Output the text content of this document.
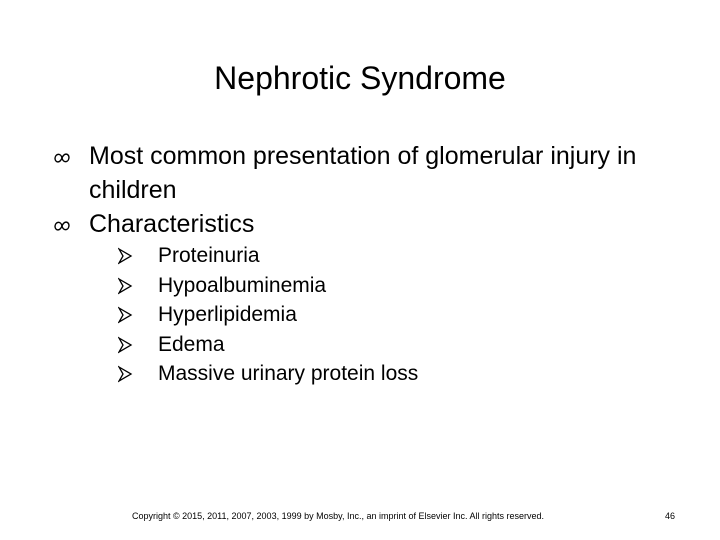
Nephrotic Syndrome
Most common presentation of glomerular injury in children
Characteristics
Proteinuria
Hypoalbuminemia
Hyperlipidemia
Edema
Massive urinary protein loss
Copyright © 2015, 2011, 2007, 2003, 1999 by Mosby, Inc., an imprint of Elsevier Inc. All rights reserved.	46
